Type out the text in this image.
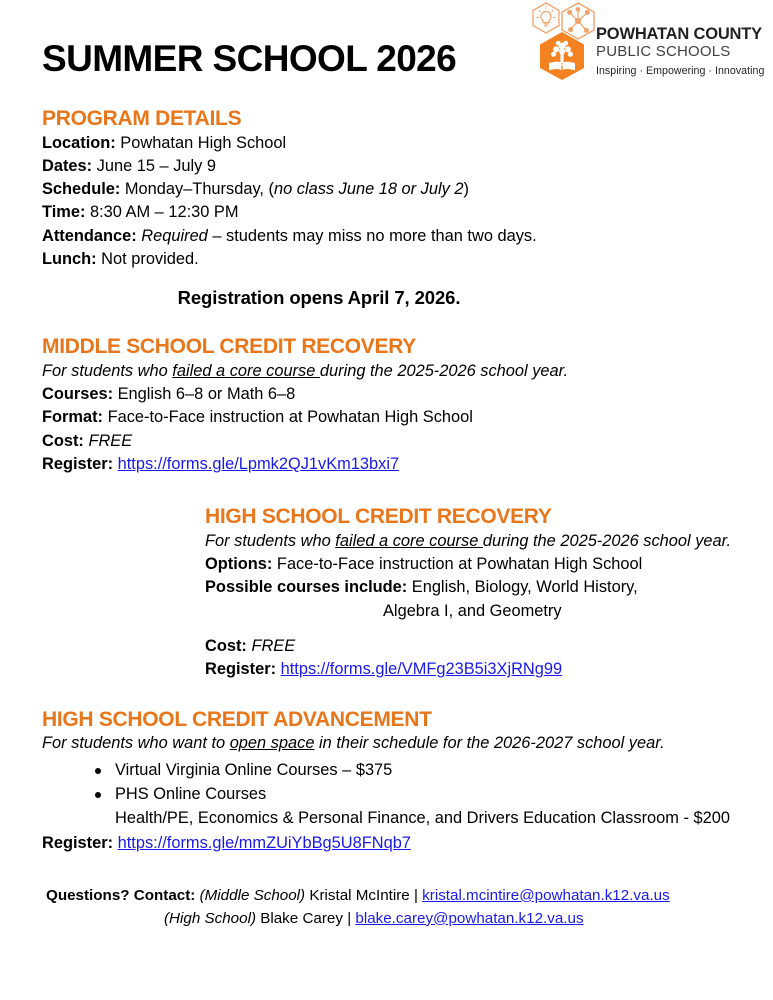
SUMMER SCHOOL 2026
POWHATAN COUNTY
PUBLIC SCHOOLS
Inspiring · Empowering · Innovating
PROGRAM DETAILS
Location: Powhatan High School
Dates: June 15 – July 9
Schedule: Monday–Thursday, (no class June 18 or July 2)
Time: 8:30 AM – 12:30 PM
Attendance: Required – students may miss no more than two days.
Lunch: Not provided.
Registration opens April 7, 2026.
MIDDLE SCHOOL CREDIT RECOVERY
For students who failed a core course during the 2025-2026 school year.
Courses: English 6–8 or Math 6–8
Format: Face-to-Face instruction at Powhatan High School
Cost: FREE
Register: https://forms.gle/Lpmk2QJ1vKm13bxi7
HIGH SCHOOL CREDIT RECOVERY
For students who failed a core course during the 2025-2026 school year.
Options: Face-to-Face instruction at Powhatan High School
Possible courses include: English, Biology, World History,
Algebra I, and Geometry
Cost: FREE
Register: https://forms.gle/VMFg23B5i3XjRNg99
HIGH SCHOOL CREDIT ADVANCEMENT
For students who want to open space in their schedule for the 2026-2027 school year.
Virtual Virginia Online Courses – $375
PHS Online Courses
Health/PE, Economics & Personal Finance, and Drivers Education Classroom - $200
Register: https://forms.gle/mmZUiYbBg5U8FNqb7
Questions? Contact: (Middle School) Kristal McIntire | kristal.mcintire@powhatan.k12.va.us
(High School) Blake Carey | blake.carey@powhatan.k12.va.us
